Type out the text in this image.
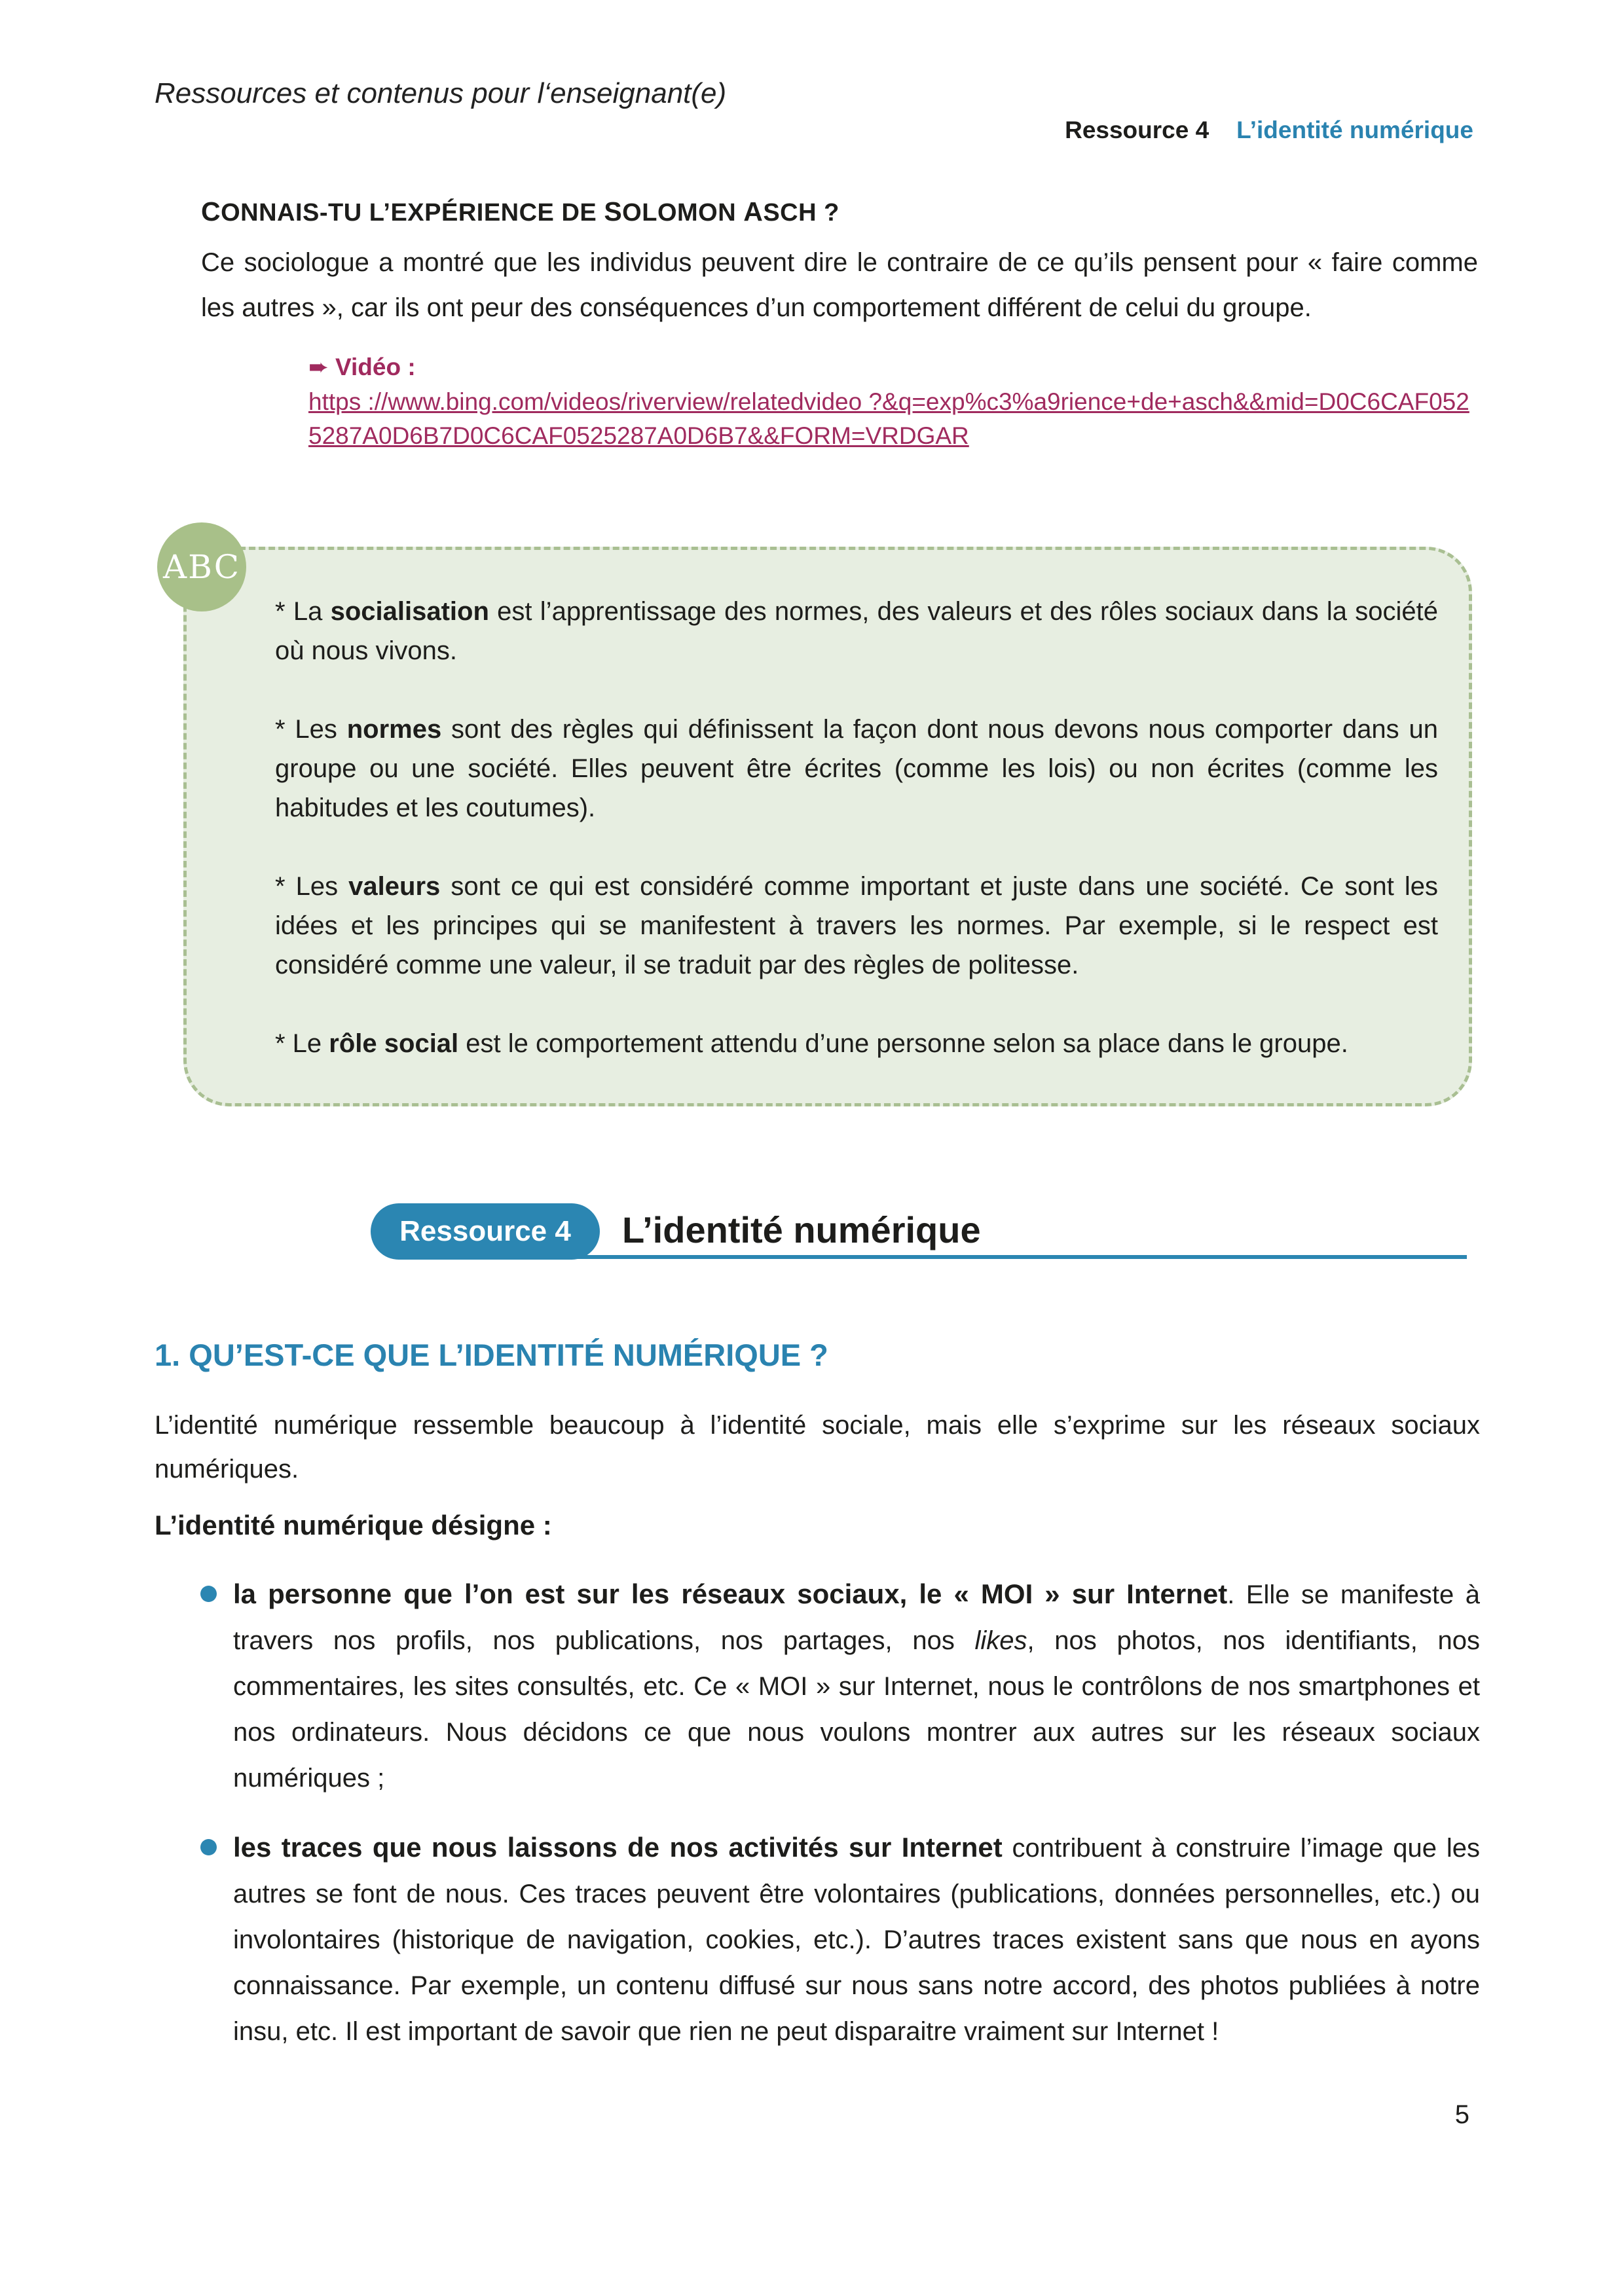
Ressources et contenus pour l‘enseignant(e)
Ressource 4 L’identité numérique
CONNAIS-TU L’EXPÉRIENCE DE SOLOMON ASCH ?

Ce sociologue a montré que les individus peuvent dire le contraire de ce qu’ils pensent pour « faire comme les autres », car ils ont peur des conséquences d’un comportement différent de celui du groupe.

➨ Vidéo :
https ://www.bing.com/videos/riverview/relatedvideo ?&q=exp%c3%a9rience+de+asch&&mid=D0C6CAF0525287A0D6B7D0C6CAF0525287A0D6B7&&FORM=VRDGAR
ABC

* La socialisation est l’apprentissage des normes, des valeurs et des rôles sociaux dans la société où nous vivons.

* Les normes sont des règles qui définissent la façon dont nous devons nous comporter dans un groupe ou une société. Elles peuvent être écrites (comme les lois) ou non écrites (comme les habitudes et les coutumes).

* Les valeurs sont ce qui est considéré comme important et juste dans une société. Ce sont les idées et les principes qui se manifestent à travers les normes. Par exemple, si le respect est considéré comme une valeur, il se traduit par des règles de politesse.

* Le rôle social est le comportement attendu d’une personne selon sa place dans le groupe.

Ressource 4	L’identité numérique
1. QU’EST-CE QUE L’IDENTITÉ NUMÉRIQUE ?

L’identité numérique ressemble beaucoup à l’identité sociale, mais elle s’exprime sur les réseaux sociaux numériques.

L’identité numérique désigne :

la personne que l’on est sur les réseaux sociaux, le « MOI » sur Internet. Elle se manifeste à travers nos profils, nos publications, nos partages, nos likes, nos photos, nos identifiants, nos commentaires, les sites consultés, etc. Ce « MOI » sur Internet, nous le contrôlons de nos smartphones et nos ordinateurs. Nous décidons ce que nous voulons montrer aux autres sur les réseaux sociaux numériques ;

les traces que nous laissons de nos activités sur Internet contribuent à construire l’image que les autres se font de nous. Ces traces peuvent être volontaires (publications, données personnelles, etc.) ou involontaires (historique de navigation, cookies, etc.). D’autres traces existent sans que nous en ayons connaissance. Par exemple, un contenu diffusé sur nous sans notre accord, des photos publiées à notre insu, etc. Il est important de savoir que rien ne peut disparaitre vraiment sur Internet !

5
